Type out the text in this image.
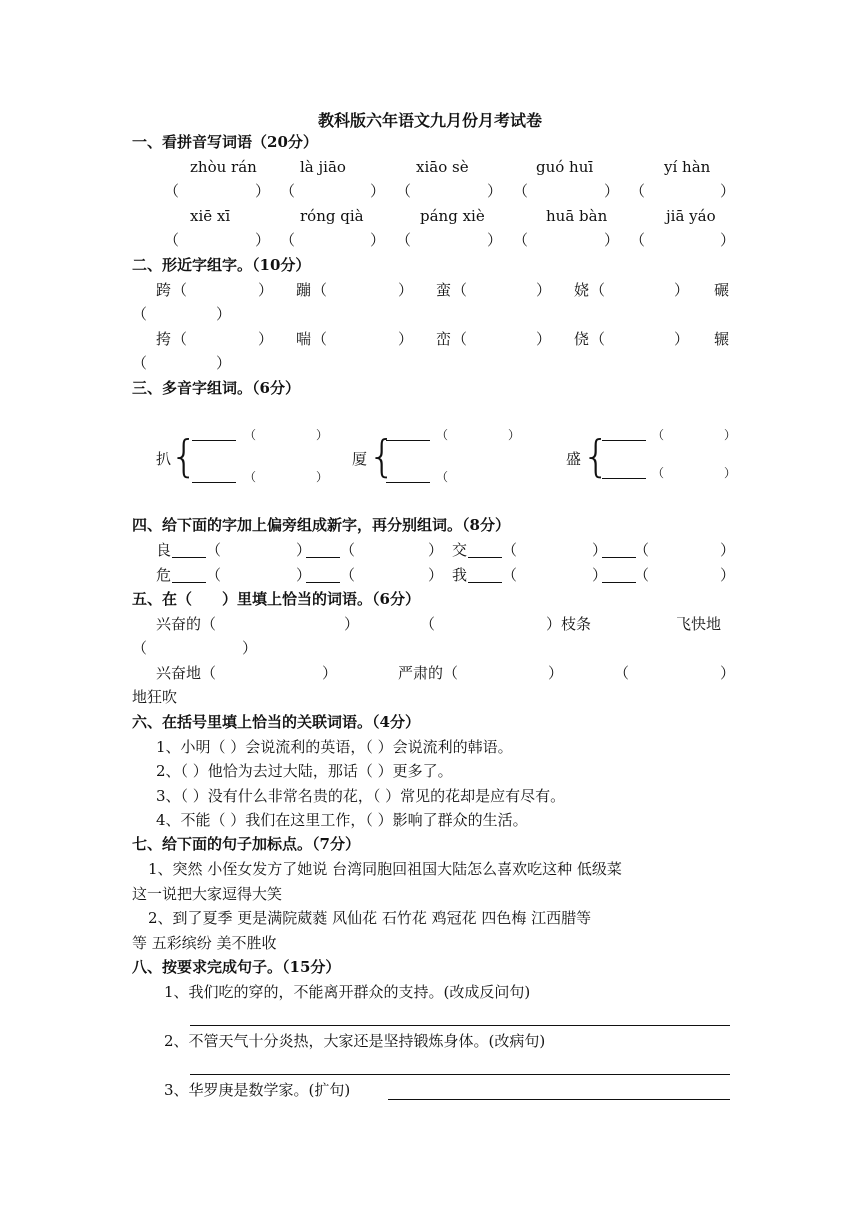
教科版六年语文九月份月考试卷
一、看拼音写词语（20分）
zhòu rán	là jiāo	xiāo sè	guó huī	yí hàn
（	） （	） （	） （	） （	）
xiē xī	róng qià	páng xiè	huā bàn	jiā yáo
（	） （	） （	） （	） （	）
二、形近字组字。（10分）
跨 （	） 蹦 （	） 蛮 （	） 娆 （	） 碾
（	）
挎 （	） 喘 （	） 峦 （	） 侥 （	） 辗
（	）
三、多音字组词。（6分）
扒
{	（	）
（	）
厦 {	（	）
（
盛 {	（	）
（	）
四、给下面的字加上偏旁组成新字，再分别组词。（8分）
良 （	） （	） 交 （	） （	）
危 （	） （	） 我 （	） （	）
五、在（　　）里填上恰当的词语。（6分）
兴奋的（	）	（	）枝条	飞快地
（	）
兴奋地（	）	严肃的（	）	（	）
地狂吹
六、在括号里填上恰当的关联词语。（4分）
1、小明（ ）会说流利的英语，（ ）会说流利的韩语。
2、（ ）他恰为去过大陆，那话（ ）更多了。
3、（ ）没有什么非常名贵的花，（ ）常见的花却是应有尽有。
4、不能（ ）我们在这里工作，（ ）影响了群众的生活。
七、给下面的句子加标点。（7分）
1、突然 小侄女发方了她说 台湾同胞回祖国大陆怎么喜欢吃这种 低级菜
这一说把大家逗得大笑
2、到了夏季 更是满院葳蕤 风仙花 石竹花 鸡冠花 四色梅 江西腊等
等 五彩缤纷 美不胜收
八、按要求完成句子。（15分）
1、我们吃的穿的，不能离开群众的支持。(改成反问句)
2、不管天气十分炎热，大家还是坚持锻炼身体。(改病句)
3、华罗庚是数学家。(扩句)
